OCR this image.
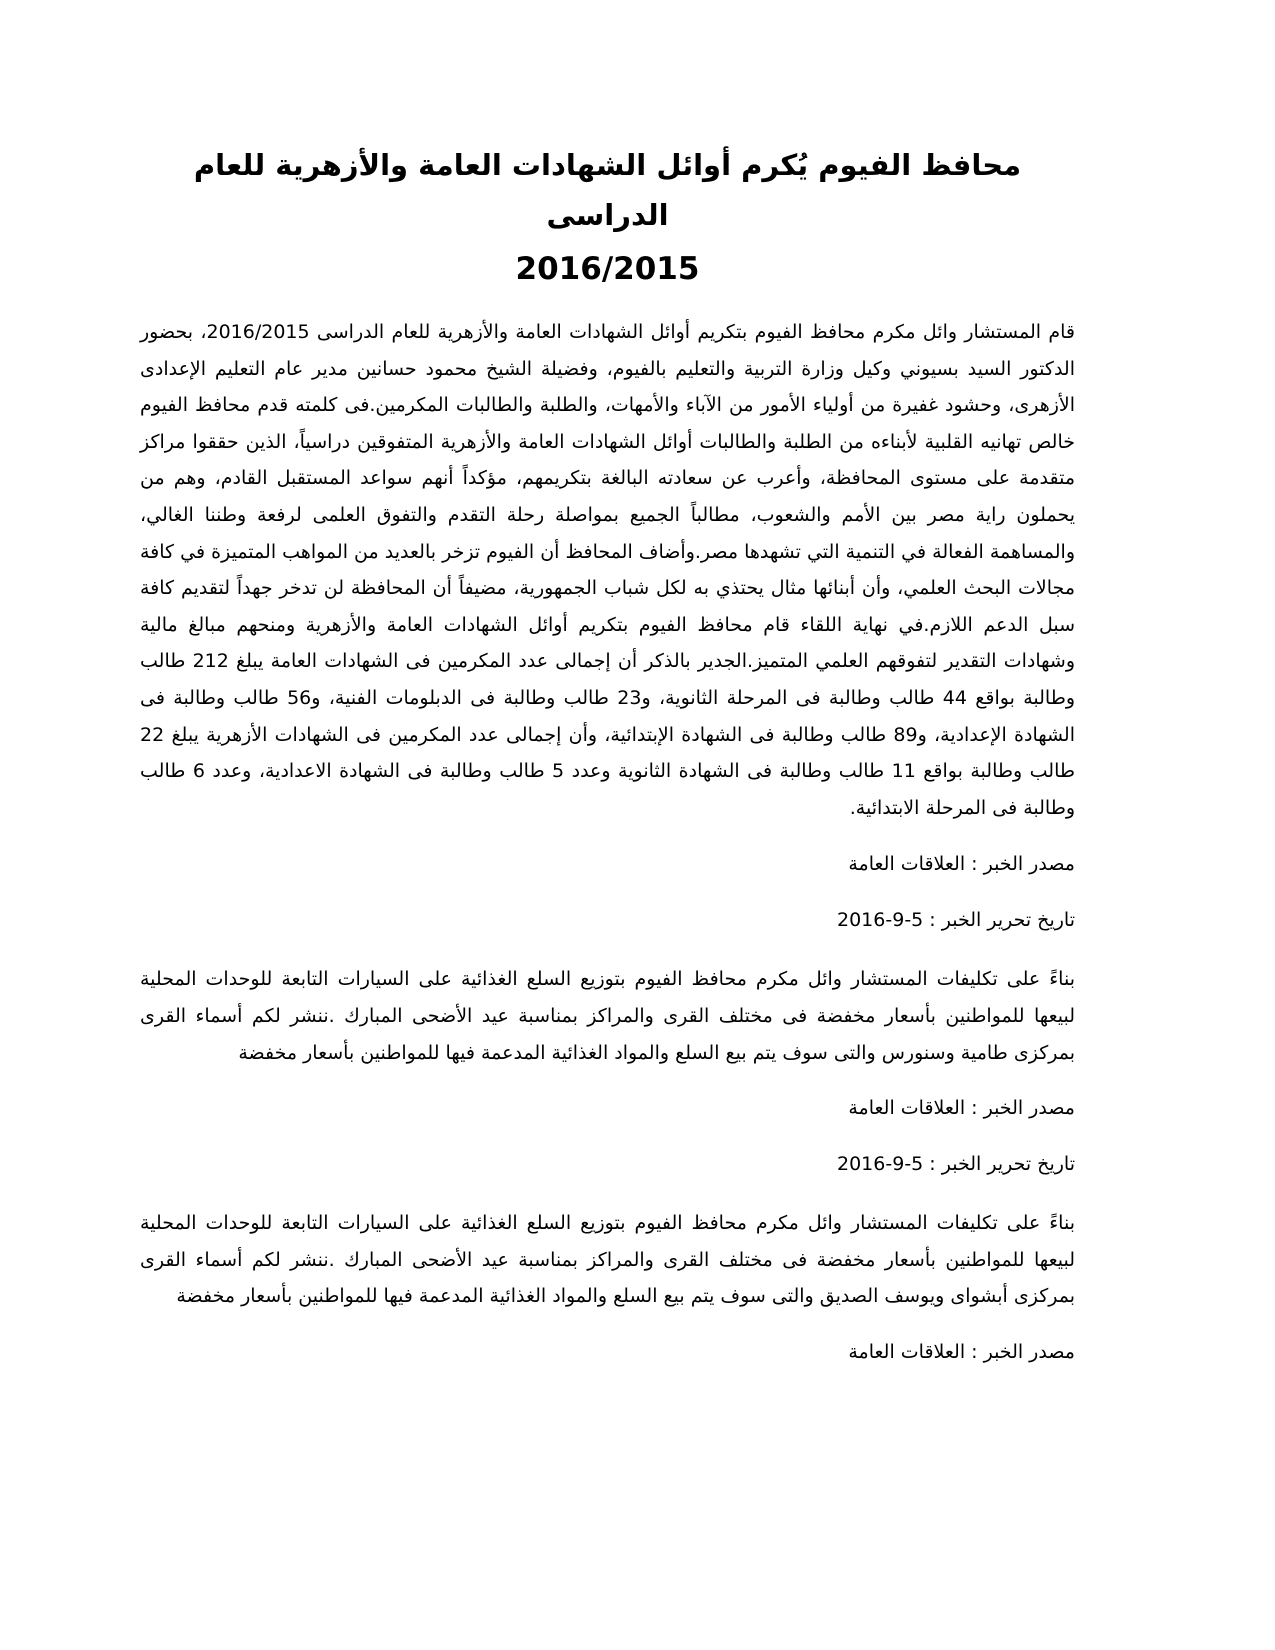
محافظ الفيوم يُكرم أوائل الشهادات العامة والأزهرية للعام الدراسى
2016/2015

قام المستشار وائل مكرم محافظ الفيوم بتكريم أوائل الشهادات العامة والأزهرية للعام الدراسى 2016/2015، بحضور الدكتور السيد بسيوني وكيل وزارة التربية والتعليم بالفيوم، وفضيلة الشيخ محمود حسانين مدير عام التعليم الإعدادى الأزهرى، وحشود غفيرة من أولياء الأمور من الآباء والأمهات، والطلبة والطالبات المكرمين.فى كلمته قدم محافظ الفيوم خالص تهانيه القلبية لأبناءه من الطلبة والطالبات أوائل الشهادات العامة والأزهرية المتفوقين دراسياً، الذين حققوا مراكز متقدمة على مستوى المحافظة، وأعرب عن سعادته البالغة بتكريمهم، مؤكداً أنهم سواعد المستقبل القادم، وهم من يحملون راية مصر بين الأمم والشعوب، مطالباً الجميع بمواصلة رحلة التقدم والتفوق العلمى لرفعة وطننا الغالي، والمساهمة الفعالة في التنمية التي تشهدها مصر.وأضاف المحافظ أن الفيوم تزخر بالعديد من المواهب المتميزة في كافة مجالات البحث العلمي، وأن أبنائها مثال يحتذي به لكل شباب الجمهورية، مضيفاً أن المحافظة لن تدخر جهداً لتقديم كافة سبل الدعم اللازم.في نهاية اللقاء قام محافظ الفيوم بتكريم أوائل الشهادات العامة والأزهرية ومنحهم مبالغ مالية وشهادات التقدير لتفوقهم العلمي المتميز.الجدير بالذكر أن إجمالى عدد المكرمين فى الشهادات العامة يبلغ 212 طالب وطالبة بواقع 44 طالب وطالبة فى المرحلة الثانوية، و23 طالب وطالبة فى الدبلومات الفنية، و56 طالب وطالبة فى الشهادة الإعدادية، و89 طالب وطالبة فى الشهادة الإبتدائية، وأن إجمالى عدد المكرمين فى الشهادات الأزهرية يبلغ 22 طالب وطالبة بواقع 11 طالب وطالبة فى الشهادة الثانوية وعدد 5 طالب وطالبة فى الشهادة الاعدادية، وعدد 6 طالب وطالبة فى المرحلة الابتدائية.

مصدر الخبر : العلاقات العامة

تاريخ تحرير الخبر : 5-9-2016

بناءً على تكليفات المستشار وائل مكرم محافظ الفيوم بتوزيع السلع الغذائية على السيارات التابعة للوحدات المحلية لبيعها للمواطنين بأسعار مخفضة فى مختلف القرى والمراكز بمناسبة عيد الأضحى المبارك .ننشر لكم أسماء القرى بمركزى طامية وسنورس والتى سوف يتم بيع السلع والمواد الغذائية المدعمة فيها للمواطنين بأسعار مخفضة

مصدر الخبر : العلاقات العامة

تاريخ تحرير الخبر : 5-9-2016

بناءً على تكليفات المستشار وائل مكرم محافظ الفيوم بتوزيع السلع الغذائية على السيارات التابعة للوحدات المحلية لبيعها للمواطنين بأسعار مخفضة فى مختلف القرى والمراكز بمناسبة عيد الأضحى المبارك .ننشر لكم أسماء القرى بمركزى أبشواى ويوسف الصديق والتى سوف يتم بيع السلع والمواد الغذائية المدعمة فيها للمواطنين بأسعار مخفضة

مصدر الخبر : العلاقات العامة
